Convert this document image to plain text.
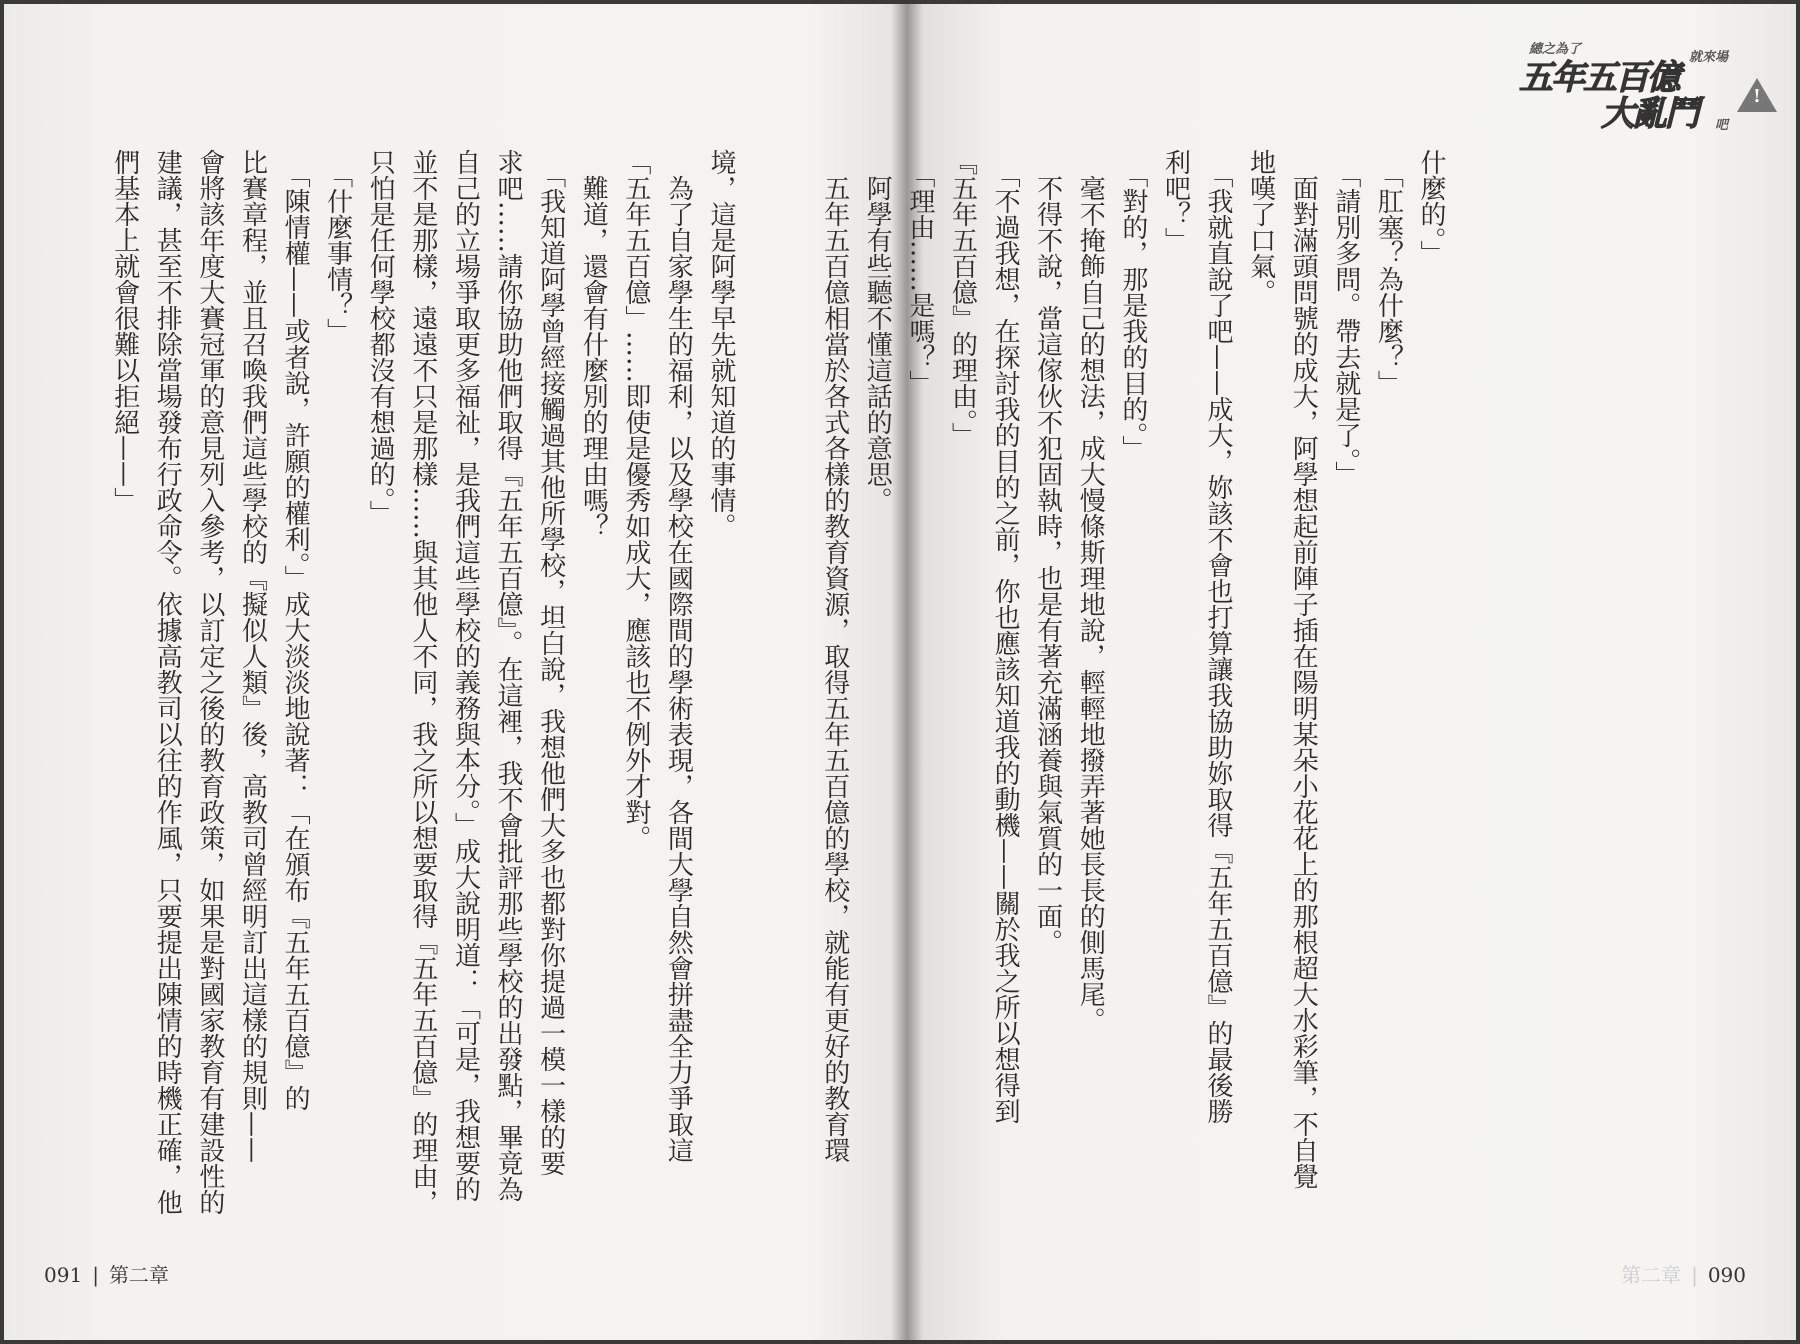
總之為了
五年五百億
就來場
大亂鬥 吧
!
什麼的。」
　「肛塞？為什麼？」
　「請別多問。帶去就是了。」
　面對滿頭問號的成大，阿學想起前陣子插在陽明某朵小花花上的那根超大水彩筆，不自覺
地嘆了口氣。
　「我就直說了吧——成大，妳該不會也打算讓我協助妳取得『五年五百億』的最後勝
利吧？」
　「對的，那是我的目的。」
　毫不掩飾自己的想法，成大慢條斯理地說，輕輕地撥弄著她長長的側馬尾。
　不得不說，當這傢伙不犯固執時，也是有著充滿涵養與氣質的一面。
　「不過我想，在探討我的目的之前，你也應該知道我的動機——關於我之所以想得到
『五年五百億』的理由。」
　「理由……是嗎？」
　阿學有些聽不懂這話的意思。
　五年五百億相當於各式各樣的教育資源，取得五年五百億的學校，就能有更好的教育環
境，這是阿學早先就知道的事情。
　為了自家學生的福利，以及學校在國際間的學術表現，各間大學自然會拼盡全力爭取這
「五年五百億」……即使是優秀如成大，應該也不例外才對。
　難道，還會有什麼別的理由嗎？
　「我知道阿學曾經接觸過其他所學校，坦白說，我想他們大多也都對你提過一模一樣的要
求吧……請你協助他們取得『五年五百億』。在這裡，我不會批評那些學校的出發點，畢竟為
自己的立場爭取更多福祉，是我們這些學校的義務與本分。」成大說明道：「可是，我想要的
並不是那樣，遠遠不只是那樣……與其他人不同，我之所以想要取得『五年五百億』的理由，
只怕是任何學校都沒有想過的。」
　「什麼事情？」
　「陳情權——或者說，許願的權利。」成大淡淡地說著：「在頒布『五年五百億』的
比賽章程，並且召喚我們這些學校的『擬似人類』後，高教司曾經明訂出這樣的規則——
會將該年度大賽冠軍的意見列入參考，以訂定之後的教育政策，如果是對國家教育有建設性的
建議，甚至不排除當場發布行政命令。依據高教司以往的作風，只要提出陳情的時機正確，他
們基本上就會很難以拒絕——」
091 | 第二章	第二章 | 090
